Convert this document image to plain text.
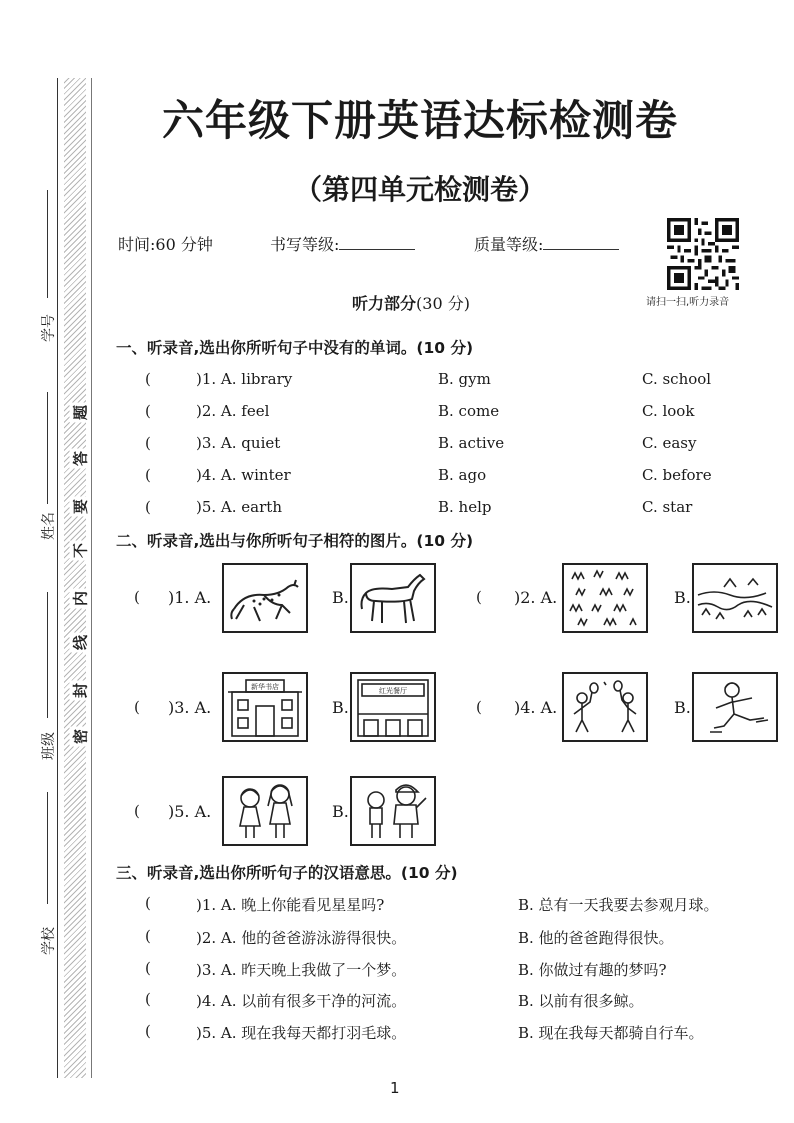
学号
姓名
班级
学校
题
答
要
不
内
线
封
密
六年级下册英语达标检测卷
（第四单元检测卷）
时间:60 分钟	书写等级:	质量等级:
请扫一扫,听力录音
听力部分(30 分)
一、听录音,选出你所听句子中没有的单词。(10 分)
(	)1. A. library	B. gym	C. school
(	)2. A. feel	B. come	C. look
(	)3. A. quiet	B. active	C. easy
(	)4. A. winter	B. ago	C. before
(	)5. A. earth	B. help	C. star
二、听录音,选出与你所听句子相符的图片。(10 分)
( )1. A.	B.	( )2. A.	B.
( )3. A.
新华书店
B.
红光餐厅
( )4. A.	B.
( )5. A.	B.
三、听录音,选出你所听句子的汉语意思。(10 分)
(	)1. A. 晚上你能看见星星吗?	B. 总有一天我要去参观月球。
(	)2. A. 他的爸爸游泳游得很快。	B. 他的爸爸跑得很快。
(	)3. A. 昨天晚上我做了一个梦。	B. 你做过有趣的梦吗?
(	)4. A. 以前有很多干净的河流。	B. 以前有很多鲸。
(	)5. A. 现在我每天都打羽毛球。	B. 现在我每天都骑自行车。
1
